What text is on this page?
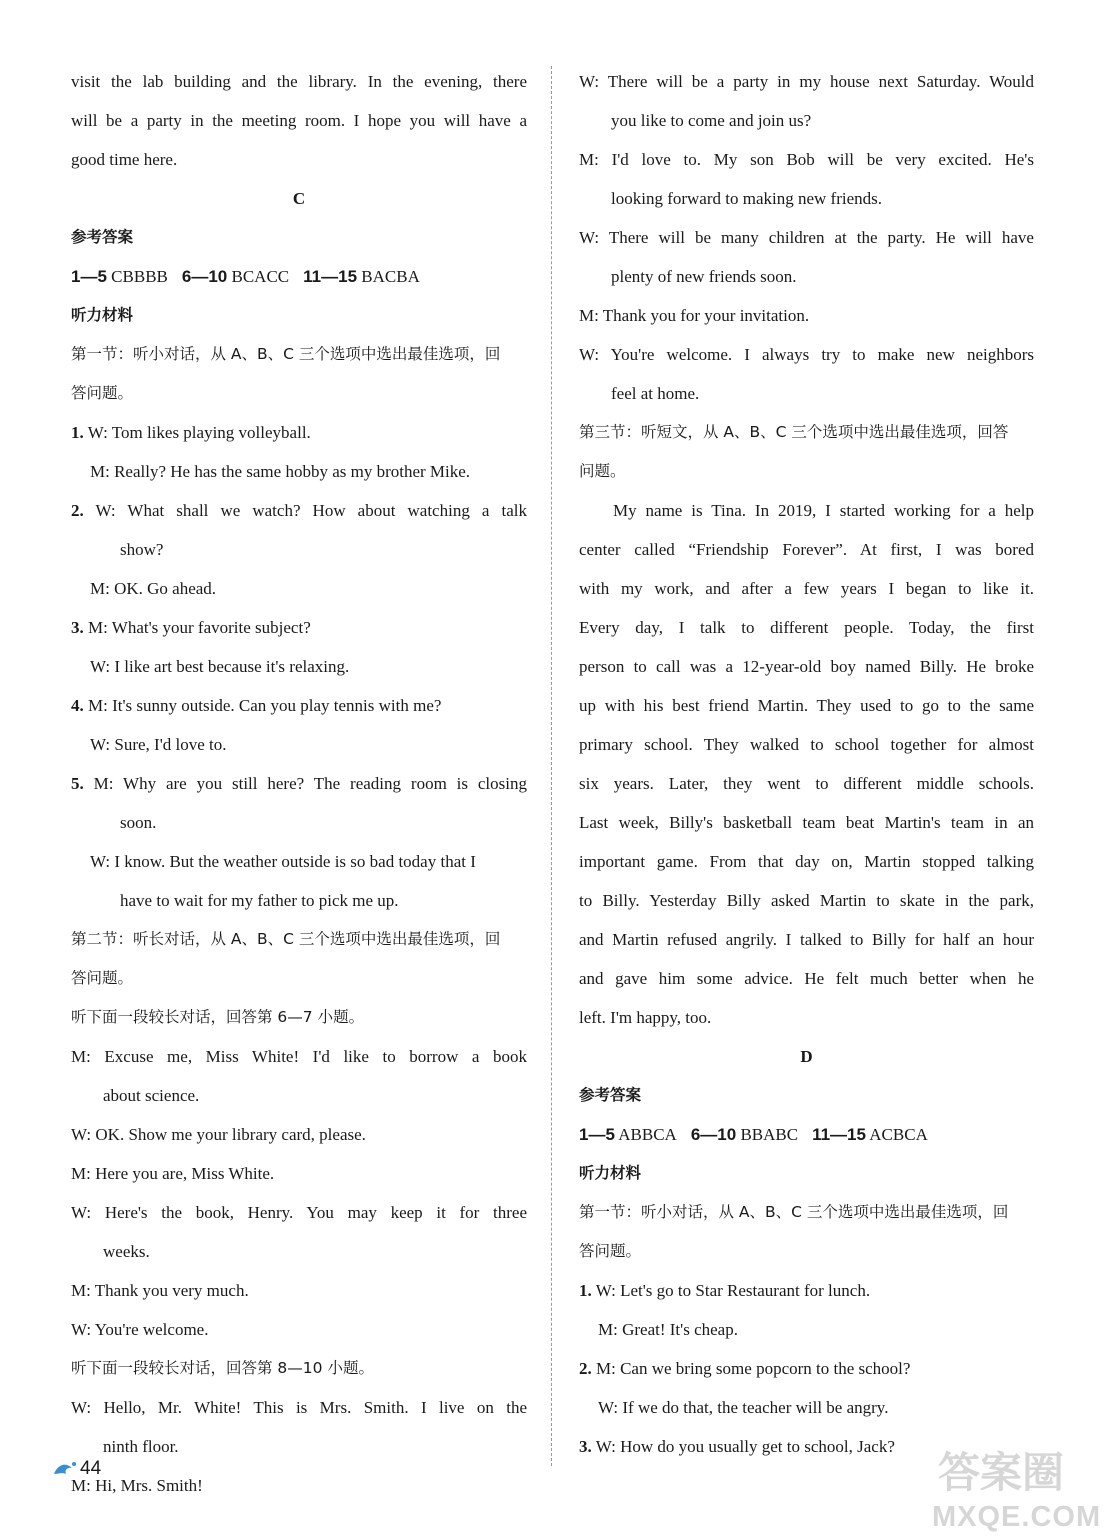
visit the lab building and the library. In the evening, there
will be a party in the meeting room. I hope you will have a
good time here.
C
参考答案
1—5 CBBBB 6—10 BCACC 11—15 BACBA
听力材料
第一节：听小对话，从 A、B、C 三个选项中选出最佳选项，回
答问题。
1. W: Tom likes playing volleyball.
M: Really? He has the same hobby as my brother Mike.
2. W: What shall we watch? How about watching a talk
show?
M: OK. Go ahead.
3. M: What's your favorite subject?
W: I like art best because it's relaxing.
4. M: It's sunny outside. Can you play tennis with me?
W: Sure, I'd love to.
5. M: Why are you still here? The reading room is closing
soon.
W: I know. But the weather outside is so bad today that I
have to wait for my father to pick me up.
第二节：听长对话，从 A、B、C 三个选项中选出最佳选项，回
答问题。
听下面一段较长对话，回答第 6—7 小题。
M: Excuse me, Miss White! I'd like to borrow a book
about science.
W: OK. Show me your library card, please.
M: Here you are, Miss White.
W: Here's the book, Henry. You may keep it for three
weeks.
M: Thank you very much.
W: You're welcome.
听下面一段较长对话，回答第 8—10 小题。
W: Hello, Mr. White! This is Mrs. Smith. I live on the
ninth floor.
M: Hi, Mrs. Smith!
W: There will be a party in my house next Saturday. Would
you like to come and join us?
M: I'd love to. My son Bob will be very excited. He's
looking forward to making new friends.
W: There will be many children at the party. He will have
plenty of new friends soon.
M: Thank you for your invitation.
W: You're welcome. I always try to make new neighbors
feel at home.
第三节：听短文，从 A、B、C 三个选项中选出最佳选项，回答
问题。
My name is Tina. In 2019, I started working for a help
center called “Friendship Forever”. At first, I was bored
with my work, and after a few years I began to like it.
Every day, I talk to different people. Today, the first
person to call was a 12-year-old boy named Billy. He broke
up with his best friend Martin. They used to go to the same
primary school. They walked to school together for almost
six years. Later, they went to different middle schools.
Last week, Billy's basketball team beat Martin's team in an
important game. From that day on, Martin stopped talking
to Billy. Yesterday Billy asked Martin to skate in the park,
and Martin refused angrily. I talked to Billy for half an hour
and gave him some advice. He felt much better when he
left. I'm happy, too.
D
参考答案
1—5 ABBCA 6—10 BBABC 11—15 ACBCA
听力材料
第一节：听小对话，从 A、B、C 三个选项中选出最佳选项，回
答问题。
1. W: Let's go to Star Restaurant for lunch.
M: Great! It's cheap.
2. M: Can we bring some popcorn to the school?
W: If we do that, the teacher will be angry.
3. W: How do you usually get to school, Jack?
44	答案圈
MXQE.COM
